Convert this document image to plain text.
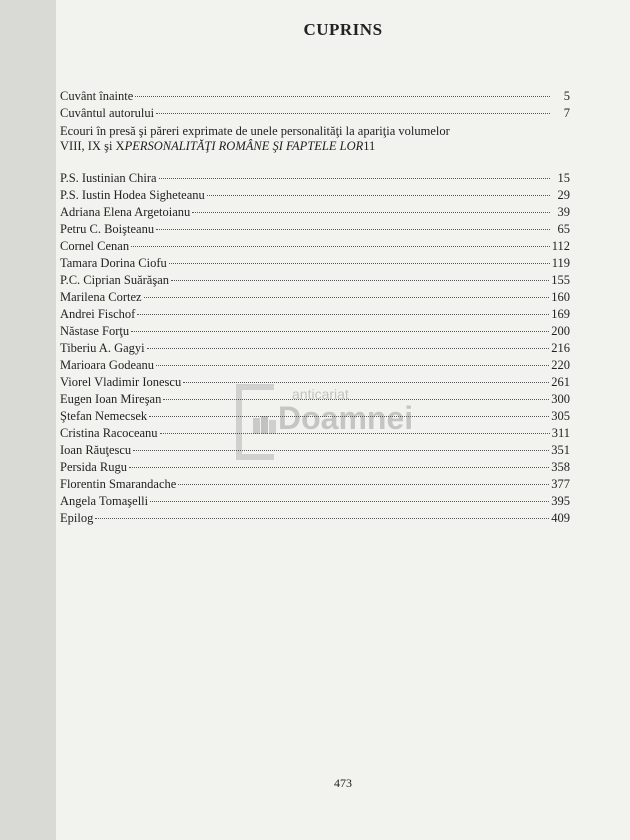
CUPRINS
anticariat
Doamnei
Cuvânt înainte	5
Cuvântul autorului	7
Ecouri în presă şi păreri exprimate de unele personalităţi la apariţia volumelor
VIII, IX şi X PERSONALITĂŢI ROMÂNE ŞI FAPTELE LOR 11
P.S. Iustinian Chira	15
P.S. Iustin Hodea Sigheteanu	29
Adriana Elena Argetoianu	39
Petru C. Boişteanu	65
Cornel Cenan	112
Tamara Dorina Ciofu	119
P.C. Ciprian Suărăşan	155
Marilena Cortez	160
Andrei Fischof	169
Năstase Forţu	200
Tiberiu A. Gagyi	216
Marioara Godeanu	220
Viorel Vladimir Ionescu	261
Eugen Ioan Mireşan	300
Ştefan Nemecsek	305
Cristina Racoceanu	311
Ioan Răuţescu	351
Persida Rugu	358
Florentin Smarandache	377
Angela Tomaşelli	395
Epilog	409
473
